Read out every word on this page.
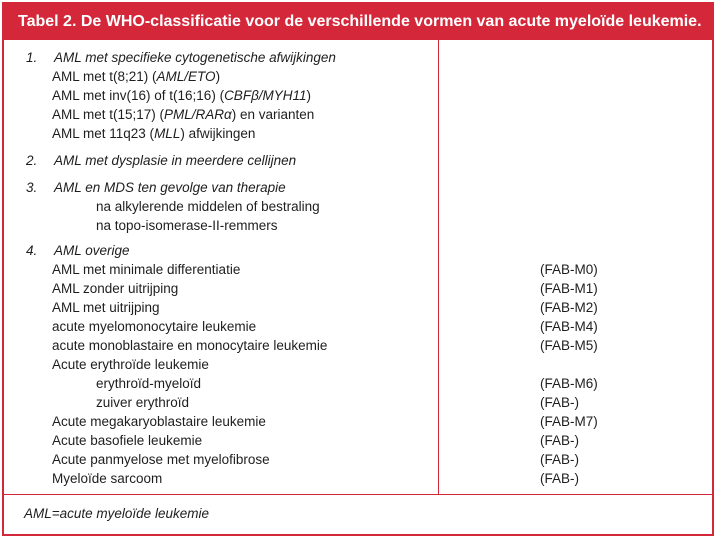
Tabel 2. De WHO-classificatie voor de verschillende vormen van acute myeloïde leukemie.
1. AML met specifieke cytogenetische afwijkingen
AML met t(8;21) (AML/ETO)
AML met inv(16) of t(16;16) (CBFβ/MYH11)
AML met t(15;17) (PML/RARα) en varianten
AML met 11q23 (MLL) afwijkingen
2. AML met dysplasie in meerdere cellijnen
3. AML en MDS ten gevolge van therapie
na alkylerende middelen of bestraling
na topo-isomerase-II-remmers
4. AML overige
AML met minimale differentiatie	(FAB-M0)
AML zonder uitrijping	(FAB-M1)
AML met uitrijping	(FAB-M2)
acute myelomonocytaire leukemie	(FAB-M4)
acute monoblastaire en monocytaire leukemie	(FAB-M5)
Acute erythroïde leukemie
erythroïd-myeloïd	(FAB-M6)
zuiver erythroïd	(FAB-)
Acute megakaryoblastaire leukemie	(FAB-M7)
Acute basofiele leukemie	(FAB-)
Acute panmyelose met myelofibrose	(FAB-)
Myeloïde sarcoom	(FAB-)
AML=acute myeloïde leukemie
